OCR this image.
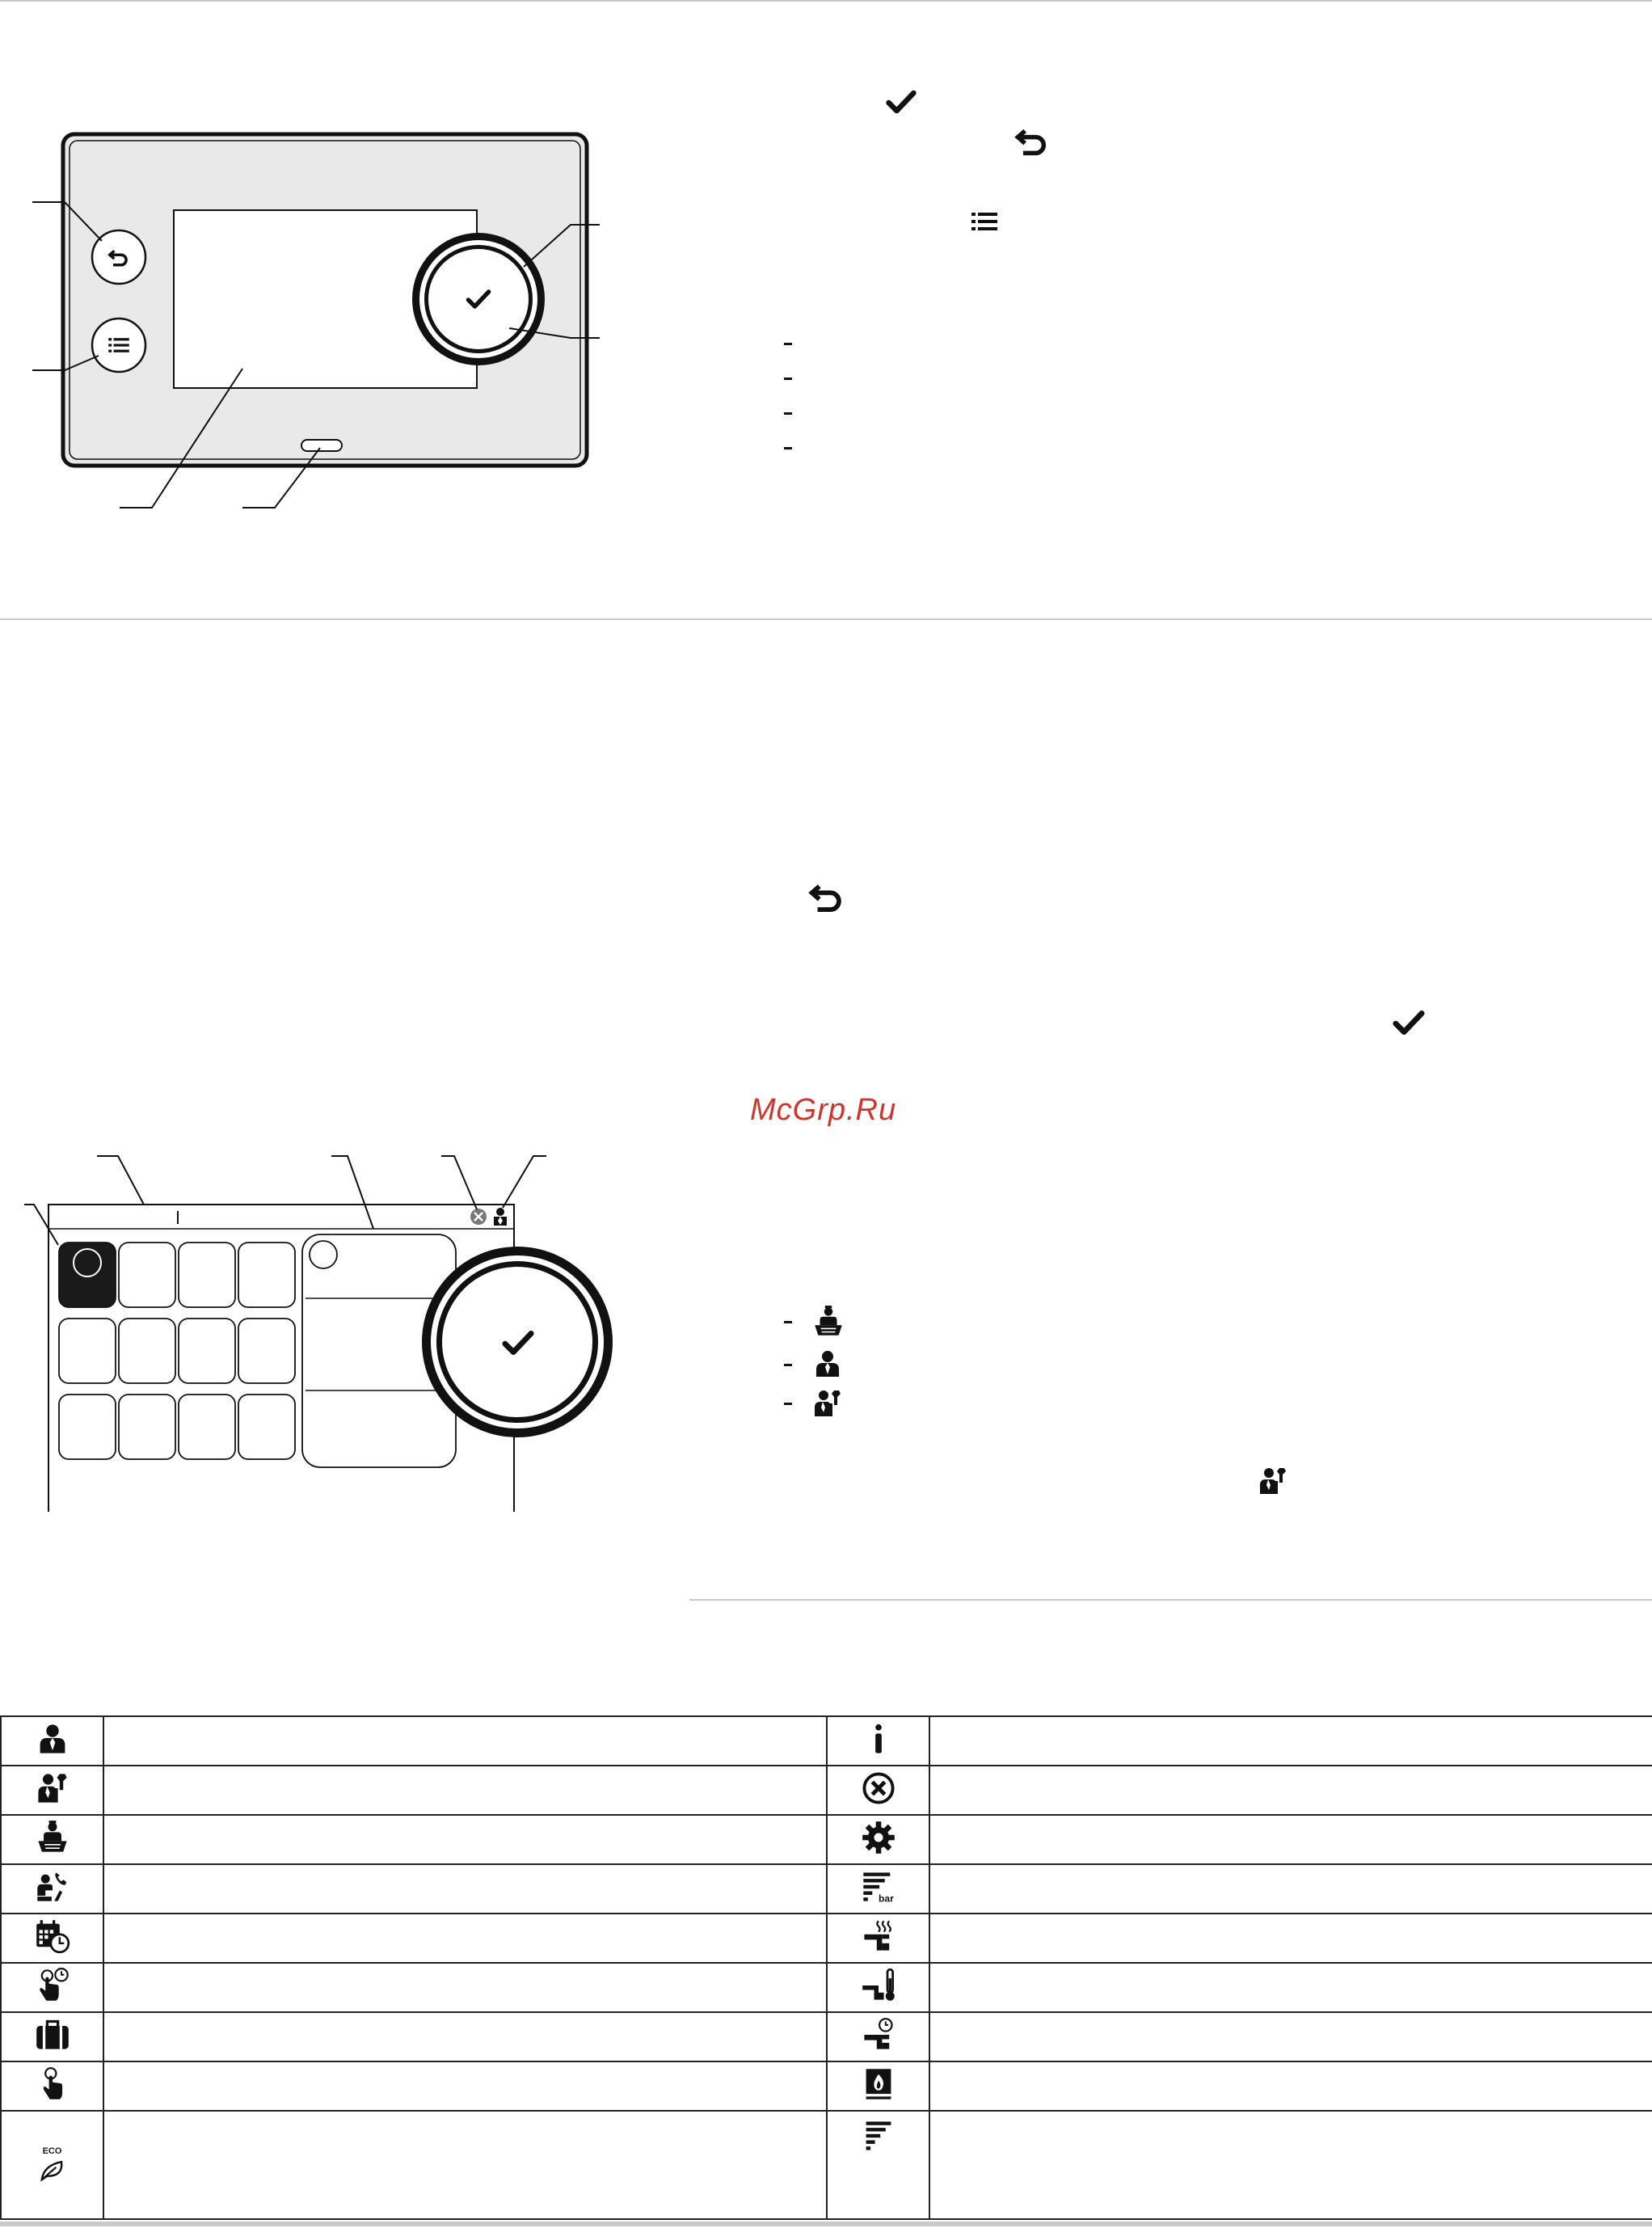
McGrp.Ru

ECO
